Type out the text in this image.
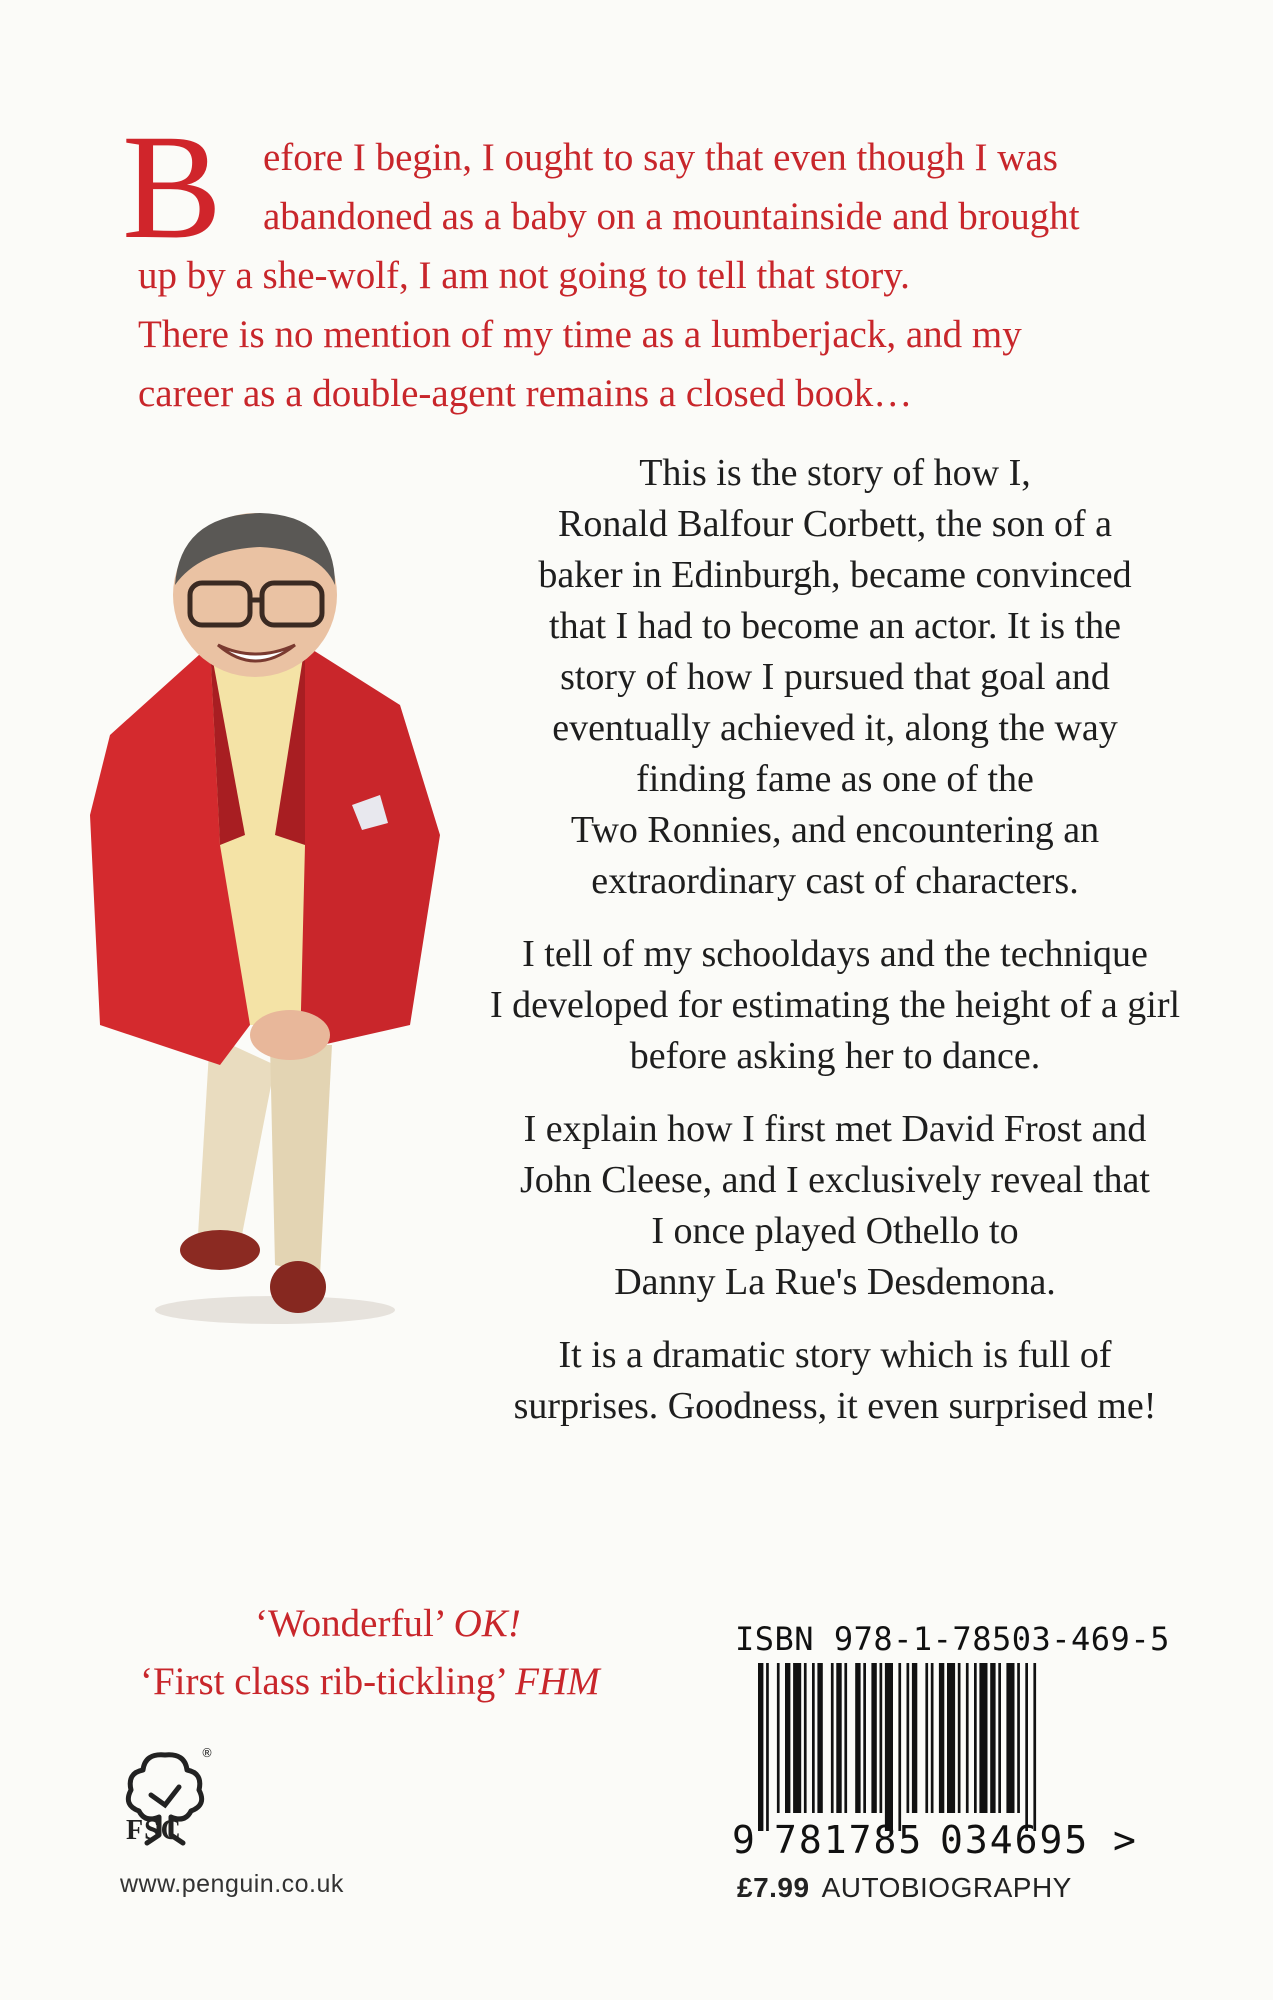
B	efore I begin, I ought to say that even though I was
abandoned as a baby on a mountainside and brought
up by a she-wolf, I am not going to tell that story.
There is no mention of my time as a lumberjack, and my
career as a double-agent remains a closed book…

This is the story of how I,
Ronald Balfour Corbett, the son of a
baker in Edinburgh, became convinced
that I had to become an actor. It is the
story of how I pursued that goal and
eventually achieved it, along the way
finding fame as one of the
Two Ronnies, and encountering an
extraordinary cast of characters.

I tell of my schooldays and the technique
I developed for estimating the height of a girl
before asking her to dance.

I explain how I first met David Frost and
John Cleese, and I exclusively reveal that
I once played Othello to
Danny La Rue's Desdemona.

It is a dramatic story which is full of
surprises. Goodness, it even surprised me!

‘Wonderful’ OK!
‘First class rib-tickling’ FHM
®
FSC
www.penguin.co.uk
ISBN 978-1-78503-469-5
9 781785 034695 >
£7.99 AUTOBIOGRAPHY
